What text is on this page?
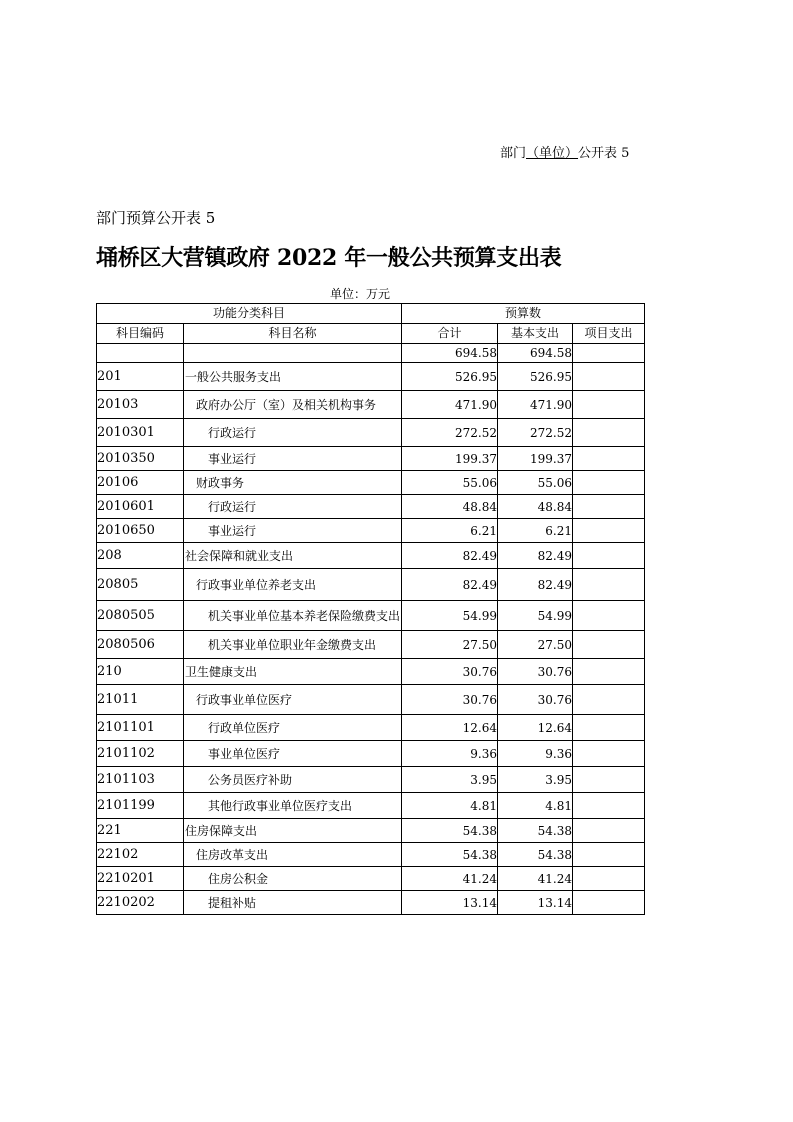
部门（单位）公开表 5
部门预算公开表 5
埇桥区大营镇政府 2022 年一般公共预算支出表
单位：万元
功能分类科目		预算数		
科目编码	科目名称	合计	基本支出	项目支出
		694.58	694.58	
201	一般公共服务支出	526.95	526.95	
20103	政府办公厅（室）及相关机构事务	471.90	471.90	
2010301	行政运行	272.52	272.52	
2010350	事业运行	199.37	199.37	
20106	财政事务	55.06	55.06	
2010601	行政运行	48.84	48.84	
2010650	事业运行	6.21	6.21	
208	社会保障和就业支出	82.49	82.49	
20805	行政事业单位养老支出	82.49	82.49	
2080505	机关事业单位基本养老保险缴费支出	54.99	54.99	
2080506	机关事业单位职业年金缴费支出	27.50	27.50	
210	卫生健康支出	30.76	30.76	
21011	行政事业单位医疗	30.76	30.76	
2101101	行政单位医疗	12.64	12.64	
2101102	事业单位医疗	9.36	9.36	
2101103	公务员医疗补助	3.95	3.95	
2101199	其他行政事业单位医疗支出	4.81	4.81	
221	住房保障支出	54.38	54.38	
22102	住房改革支出	54.38	54.38	
2210201	住房公积金	41.24	41.24	
2210202	提租补贴	13.14	13.14	
